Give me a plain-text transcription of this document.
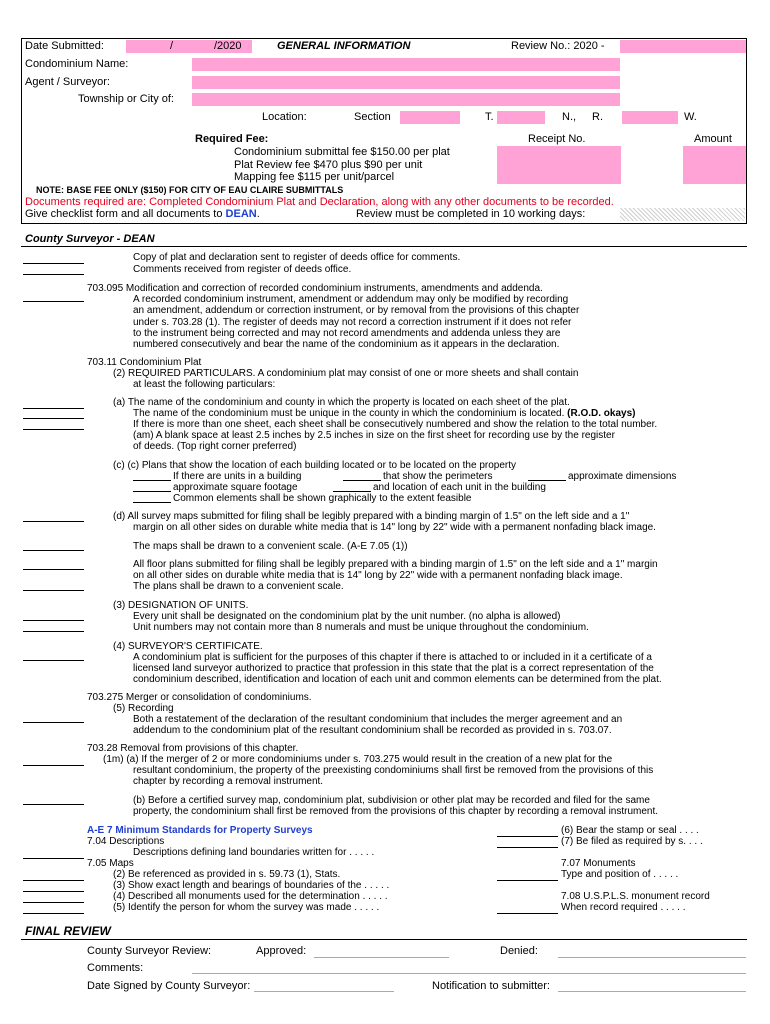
Date Submitted:	/	/2020	GENERAL INFORMATION	Review No.: 2020 -
Condominium Name:
Agent / Surveyor:
Township or City of:
Location:	Section	T.	N., R.	W.
Required Fee:	Receipt No.	Amount
Condominium submittal fee $150.00 per plat
Plat Review fee $470 plus $90 per unit
Mapping fee $115 per unit/parcel
NOTE: BASE FEE ONLY ($150) FOR CITY OF EAU CLAIRE SUBMITTALS
Documents required are: Completed Condominium Plat and Declaration, along with any other documents to be recorded.
Give checklist form and all documents to DEAN.	Review must be completed in 10 working days:
County Surveyor - DEAN
Copy of plat and declaration sent to register of deeds office for comments.
Comments received from register of deeds office.
703.095 Modification and correction of recorded condominium instruments, amendments and addenda.
A recorded condominium instrument, amendment or addendum may only be modified by recording
an amendment, addendum or correction instrument, or by removal from the provisions of this chapter
under s. 703.28 (1). The register of deeds may not record a correction instrument if it does not refer
to the instrument being corrected and may not record amendments and addenda unless they are
numbered consecutively and bear the name of the condominium as it appears in the declaration.
703.11 Condominium Plat
(2) REQUIRED PARTICULARS. A condominium plat may consist of one or more sheets and shall contain
at least the following particulars:
(a) The name of the condominium and county in which the property is located on each sheet of the plat.
The name of the condominium must be unique in the county in which the condominium is located. (R.O.D. okays)
If there is more than one sheet, each sheet shall be consecutively numbered and show the relation to the total number.
(am) A blank space at least 2.5 inches by 2.5 inches in size on the first sheet for recording use by the register
of deeds. (Top right corner preferred)
(c) (c) Plans that show the location of each building located or to be located on the property
If there are units in a building	that show the perimeters	approximate dimensions
approximate square footage	and location of each unit in the building
Common elements shall be shown graphically to the extent feasible
(d) All survey maps submitted for filing shall be legibly prepared with a binding margin of 1.5" on the left side and a 1"
margin on all other sides on durable white media that is 14" long by 22" wide with a permanent nonfading black image.
The maps shall be drawn to a convenient scale. (A-E 7.05 (1))
All floor plans submitted for filing shall be legibly prepared with a binding margin of 1.5" on the left side and a 1" margin
on all other sides on durable white media that is 14" long by 22" wide with a permanent nonfading black image.
The plans shall be drawn to a convenient scale.
(3) DESIGNATION OF UNITS.
Every unit shall be designated on the condominium plat by the unit number. (no alpha is allowed)
Unit numbers may not contain more than 8 numerals and must be unique throughout the condominium.
(4) SURVEYOR'S CERTIFICATE.
A condominium plat is sufficient for the purposes of this chapter if there is attached to or included in it a certificate of a
licensed land surveyor authorized to practice that profession in this state that the plat is a correct representation of the
condominium described, identification and location of each unit and common elements can be determined from the plat.
703.275 Merger or consolidation of condominiums.
(5) Recording
Both a restatement of the declaration of the resultant condominium that includes the merger agreement and an
addendum to the condominium plat of the resultant condominium shall be recorded as provided in s. 703.07.
703.28 Removal from provisions of this chapter.
(1m) (a) If the merger of 2 or more condominiums under s. 703.275 would result in the creation of a new plat for the
resultant condominium, the property of the preexisting condominiums shall first be removed from the provisions of this
chapter by recording a removal instrument.
(b) Before a certified survey map, condominium plat, subdivision or other plat may be recorded and filed for the same
property, the condominium shall first be removed from the provisions of this chapter by recording a removal instrument.
A-E 7 Minimum Standards for Property Surveys
7.04 Descriptions
Descriptions defining land boundaries written for . . . . .
7.05 Maps
(2) Be referenced as provided in s. 59.73 (1), Stats.
(3) Show exact length and bearings of boundaries of the . . . . .
(4) Described all monuments used for the determination . . . . .
(5) Identify the person for whom the survey was made . . . . .
(6) Bear the stamp or seal . . . .
(7) Be filed as required by s. . . .
7.07 Monuments
Type and position of . . . . .
7.08 U.S.P.L.S. monument record
When record required . . . . .
FINAL REVIEW
County Surveyor Review:	Approved:	Denied:
Comments:
Date Signed by County Surveyor:	Notification to submitter:
